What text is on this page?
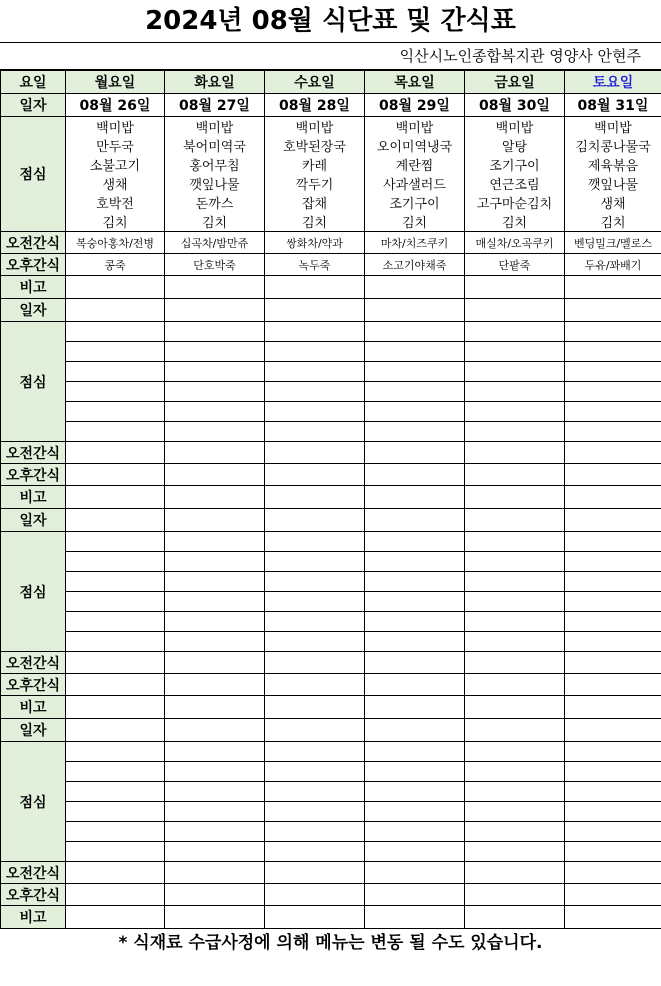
2024년 08월 식단표 및 간식표
익산시노인종합복지관 영양사 안현주
요일	월요일	화요일	수요일	목요일	금요일	토요일
일자	08월 26일	08월 27일	08월 28일	08월 29일	08월 30일	08월 31일
점심	백미밥	백미밥	백미밥	백미밥	백미밥	백미밥
	만두국	북어미역국	호박된장국	오이미역냉국	알탕	김치콩나물국
	소불고기	홍어무침	카레	계란찜	조기구이	제육볶음
	생채	깻잎나물	깍두기	사과샐러드	연근조림	깻잎나물
	호박전	돈까스	잡채	조기구이	고구마순김치	생채
	김치	김치	김치	김치	김치	김치
오전간식	복숭아홍차/전병	십곡차/밤만쥬	쌍화차/약과	마차/치즈쿠키	매실차/오곡쿠키	벤딩밀크/멜로스
오후간식	콩죽	단호박죽	녹두죽	소고기야채죽	단팥죽	두유/꽈배기
비고						
일자						
점심						

오전간식						
오후간식						
비고						
일자						
점심						

오전간식						
오후간식						
비고						
일자						
점심						

오전간식						
오후간식						
비고						
* 식재료 수급사정에 의해 메뉴는 변동 될 수도 있습니다.
